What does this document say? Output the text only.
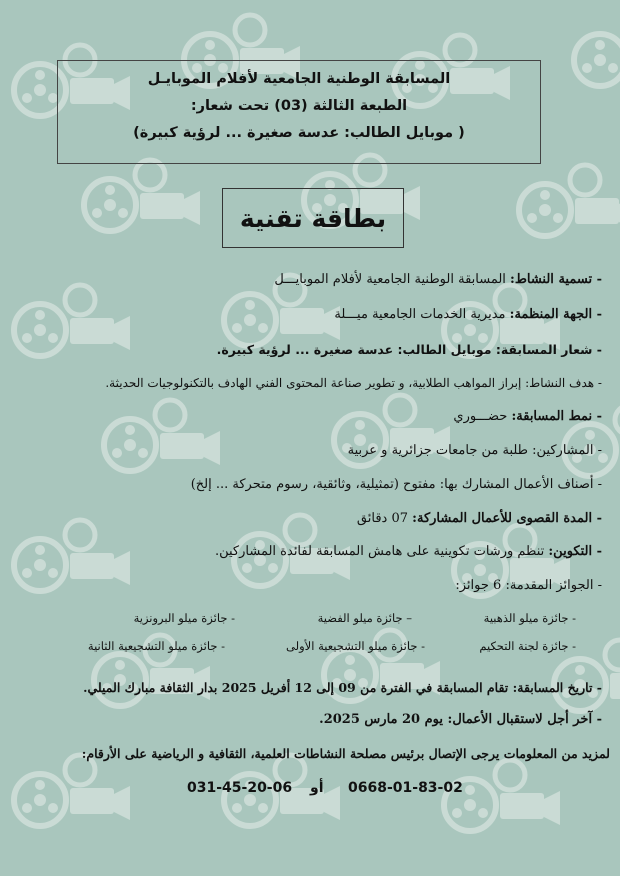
المسابقة الوطنية الجامعية لأفلام الموبايـل
الطبعة الثالثة (03) تحت شعار:
( موبايل الطالب: عدسة صغيرة ... لرؤية كبيرة)
بطاقة تقنية
- تسمية النشاط: المسابقة الوطنية الجامعية لأفلام الموبايـــل
- الجهة المنظمة: مديرية الخدمات الجامعية ميـــلة
- شعار المسابقة: موبايل الطالب: عدسة صغيرة ... لرؤية كبيرة.
- هدف النشاط: إبراز المواهب الطلابية، و تطوير صناعة المحتوى الفني الهادف بالتكنولوجيات الحديثة.
- نمط المسابقة: حضـــوري
- المشاركين: طلبة من جامعات جزائرية و عربية
- أصناف الأعمال المشارك بها: مفتوح (تمثيلية، وثائقية، رسوم متحركة ... إلخ)
- المدة القصوى للأعمال المشاركة: 07 دقائق
- التكوين: تنظم ورشات تكوينية على هامش المسابقة لفائدة المشاركين.
- الجوائز المقدمة: 6 جوائز:
- جائزة ميلو الذهبية
– جائزة ميلو الفضية
- جائزة ميلو البرونزية
- جائزة لجنة التحكيم
- جائزة ميلو التشجيعية الأولى
- جائزة ميلو التشجيعية الثانية
- تاريخ المسابقة: تقام المسابقة في الفترة من 09 إلى 12 أفريل 2025 بدار الثقافة مبارك الميلي.
- آخر أجل لاستقبال الأعمال: يوم 20 مارس 2025.
لمزيد من المعلومات يرجى الإتصال برئيس مصلحة النشاطات العلمية، الثقافية و الرياضية على الأرقام:
0668-01-83-02
أو
031-45-20-06
